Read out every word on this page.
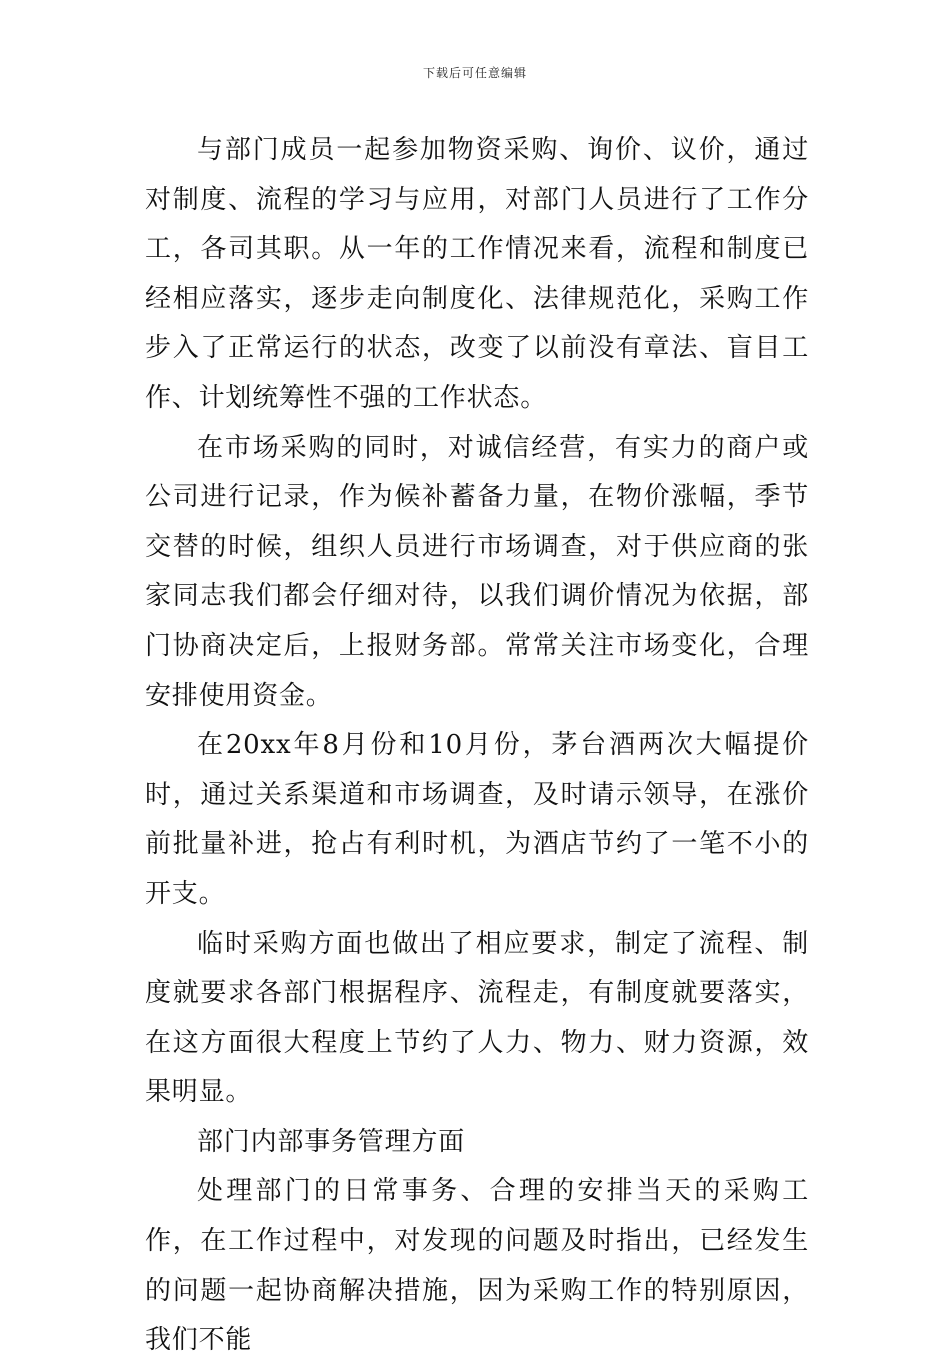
下载后可任意编辑

与部门成员一起参加物资采购、询价、议价，通过对制度、流程的学习与应用，对部门人员进行了工作分工，各司其职。从一年的工作情况来看，流程和制度已经相应落实，逐步走向制度化、法律规范化，采购工作步入了正常运行的状态，改变了以前没有章法、盲目工作、计划统筹性不强的工作状态。

在市场采购的同时，对诚信经营，有实力的商户或公司进行记录，作为候补蓄备力量，在物价涨幅，季节交替的时候，组织人员进行市场调查，对于供应商的张家同志我们都会仔细对待，以我们调价情况为依据，部门协商决定后，上报财务部。常常关注市场变化，合理安排使用资金。

在20xx年8月份和10月份，茅台酒两次大幅提价时，通过关系渠道和市场调查，及时请示领导，在涨价前批量补进，抢占有利时机，为酒店节约了一笔不小的开支。

临时采购方面也做出了相应要求，制定了流程、制度就要求各部门根据程序、流程走，有制度就要落实，在这方面很大程度上节约了人力、物力、财力资源，效果明显。

部门内部事务管理方面

处理部门的日常事务、合理的安排当天的采购工作，在工作过程中，对发现的问题及时指出，已经发生的问题一起协商解决措施，因为采购工作的特别原因，我们不能
